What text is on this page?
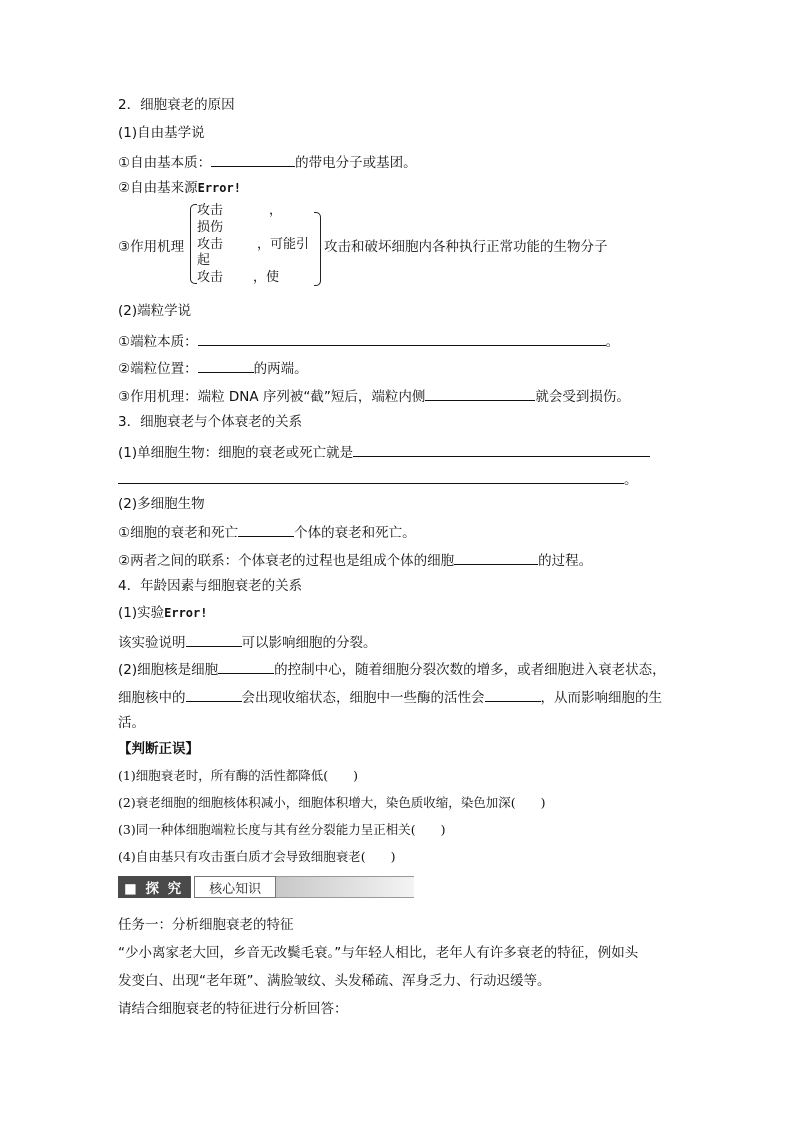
2．细胞衰老的原因
(1)自由基学说
①自由基本质：	的带电分子或基团。
②自由基来源Error!
③作用机理
攻击	，
损伤
攻击	，可能引
起
攻击 ，使
攻击和破坏细胞内各种执行正常功能的生物分子
(2)端粒学说
①端粒本质：	。
②端粒位置：	的两端。
③作用机理：端粒 DNA 序列被“截”短后，端粒内侧	就会受到损伤。
3．细胞衰老与个体衰老的关系
(1)单细胞生物：细胞的衰老或死亡就是
。
(2)多细胞生物
①细胞的衰老和死亡	个体的衰老和死亡。
②两者之间的联系：个体衰老的过程也是组成个体的细胞	的过程。
4．年龄因素与细胞衰老的关系
(1)实验Error!
该实验说明	可以影响细胞的分裂。
(2)细胞核是细胞	的控制中心，随着细胞分裂次数的增多，或者细胞进入衰老状态，
细胞核中的	会出现收缩状态，细胞中一些酶的活性会	，从而影响细胞的生
活。
【判断正误】
(1)细胞衰老时，所有酶的活性都降低(　　)
(2)衰老细胞的细胞核体积减小，细胞体积增大，染色质收缩，染色加深(　　)
(3)同一种体细胞端粒长度与其有丝分裂能力呈正相关(　　)
(4)自由基只有攻击蛋白质才会导致细胞衰老(　　)
■ 探 究	核心知识
任务一：分析细胞衰老的特征
“少小离家老大回，乡音无改鬓毛衰。”与年轻人相比，老年人有许多衰老的特征，例如头
发变白、出现“老年斑”、满脸皱纹、头发稀疏、浑身乏力、行动迟缓等。
请结合细胞衰老的特征进行分析回答：
